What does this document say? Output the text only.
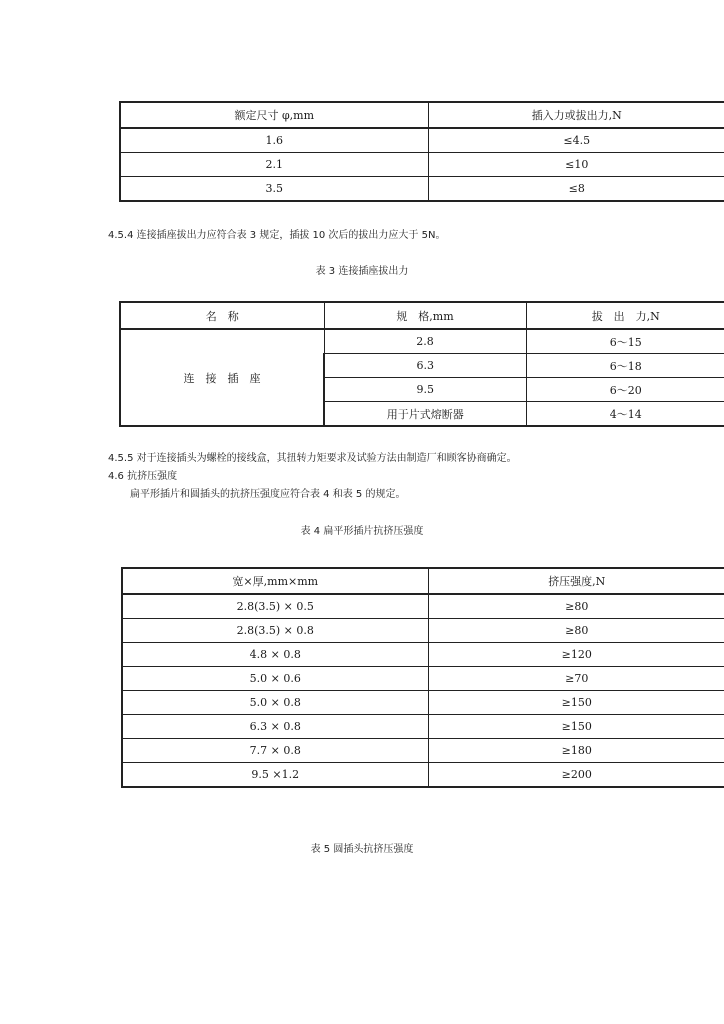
额定尺寸 φ,mm	插入力或拔出力,N
1.6	≤4.5
2.1	≤10
3.5	≤8
4.5.4 连接插座拔出力应符合表 3 规定，插拔 10 次后的拔出力应大于 5N。
表 3 连接插座拔出力
名　称	规　格,mm	拔　出　力,N
连　接　插　座	2.8	6～15
	6.3	6～18
	9.5	6～20
	用于片式熔断器	4～14
4.5.5 对于连接插头为螺栓的接线盒，其扭转力矩要求及试验方法由制造厂和顾客协商确定。
4.6 抗挤压强度
扁平形插片和圆插头的抗挤压强度应符合表 4 和表 5 的规定。
表 4 扁平形插片抗挤压强度
宽×厚,mm×mm	挤压强度,N
2.8(3.5) × 0.5	≥80
2.8(3.5) × 0.8	≥80
4.8 × 0.8	≥120
5.0 × 0.6	≥70
5.0 × 0.8	≥150
6.3 × 0.8	≥150
7.7 × 0.8	≥180
9.5 ×1.2	≥200
表 5 圆插头抗挤压强度
